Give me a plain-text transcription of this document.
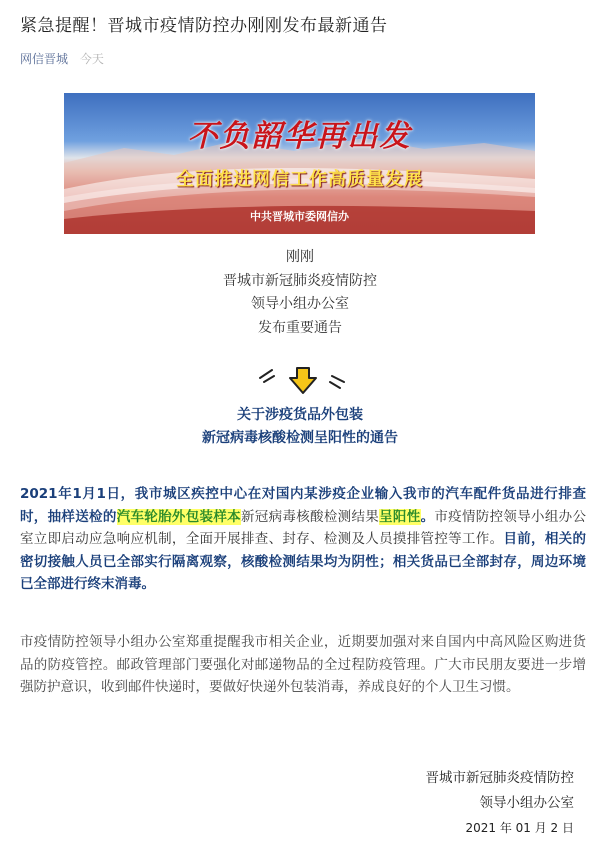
紧急提醒！晋城市疫情防控办刚刚发布最新通告
网信晋城 今天
不负韶华再出发
全面推进网信工作高质量发展
中共晋城市委网信办
刚刚
晋城市新冠肺炎疫情防控
领导小组办公室
发布重要通告
关于涉疫货品外包装
新冠病毒核酸检测呈阳性的通告
2021年1月1日，我市城区疾控中心在对国内某涉疫企业输入我市的汽车配件货品进行排查时，抽样送检的汽车轮胎外包装样本新冠病毒核酸检测结果呈阳性。市疫情防控领导小组办公室立即启动应急响应机制，全面开展排查、封存、检测及人员摸排管控等工作。目前，相关的密切接触人员已全部实行隔离观察，核酸检测结果均为阴性；相关货品已全部封存，周边环境已全部进行终末消毒。
市疫情防控领导小组办公室郑重提醒我市相关企业，近期要加强对来自国内中高风险区购进货品的防疫管控。邮政管理部门要强化对邮递物品的全过程防疫管理。广大市民朋友要进一步增强防护意识，收到邮件快递时，要做好快递外包装消毒，养成良好的个人卫生习惯。
晋城市新冠肺炎疫情防控
领导小组办公室
2021 年 01 月 2 日
